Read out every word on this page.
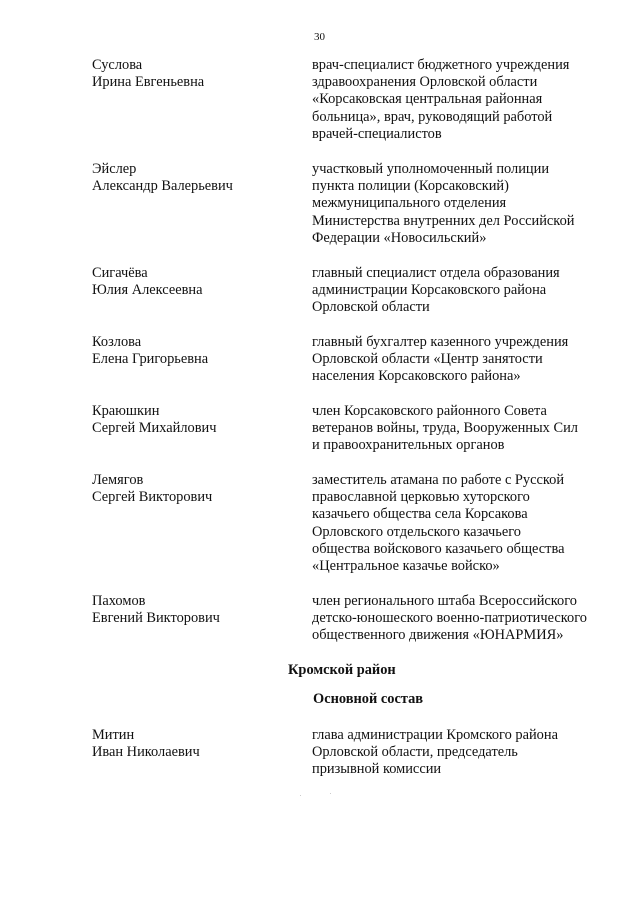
30
Суслова
Ирина Евгеньевна
врач-специалист бюджетного учреждения
здравоохранения Орловской области
«Корсаковская центральная районная
больница», врач, руководящий работой
врачей-специалистов
Эйслер
Александр Валерьевич
участковый уполномоченный полиции
пункта полиции (Корсаковский)
межмуниципального отделения
Министерства внутренних дел Российской
Федерации «Новосильский»
Сигачёва
Юлия Алексеевна
главный специалист отдела образования
администрации Корсаковского района
Орловской области
Козлова
Елена Григорьевна
главный бухгалтер казенного учреждения
Орловской области «Центр занятости
населения Корсаковского района»
Краюшкин
Сергей Михайлович
член Корсаковского районного Совета
ветеранов войны, труда, Вооруженных Сил
и правоохранительных органов
Лемягов
Сергей Викторович
заместитель атамана по работе с Русской
православной церковью хуторского
казачьего общества села Корсакова
Орловского отдельского казачьего
общества войскового казачьего общества
«Центральное казачье войско»
Пахомов
Евгений Викторович
член регионального штаба Всероссийского
детско-юношеского военно-патриотического
общественного движения «ЮНАРМИЯ»
Кромской район
Основной состав
Митин
Иван Николаевич
глава администрации Кромского района
Орловской области, председатель
призывной комиссии
